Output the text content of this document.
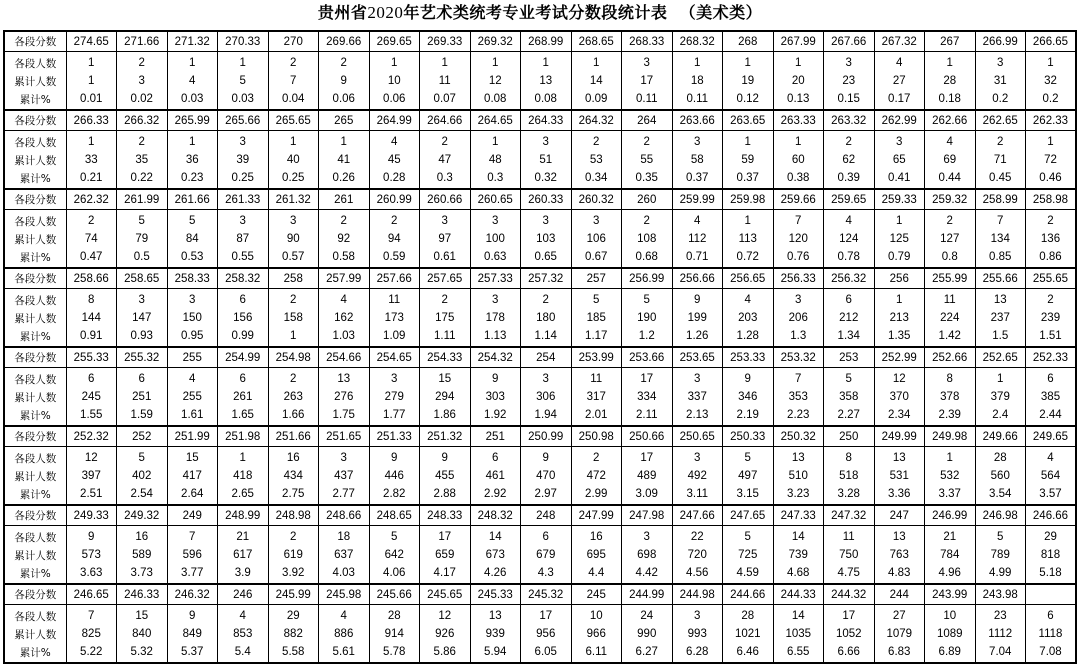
贵州省2020年艺术类统考专业考试分数段统计表 （美术类）
各段分数	274.65	271.66	271.32	270.33	270	269.66	269.65	269.33	269.32	268.99	268.65	268.33	268.32	268	267.99	267.66	267.32	267	266.99	266.65
各段人数	1	2	1	1	2	2	1	1	1	1	1	3	1	1	1	3	4	1	3	1
累计人数	1	3	4	5	7	9	10	11	12	13	14	17	18	19	20	23	27	28	31	32
累计%	0.01	0.02	0.03	0.03	0.04	0.06	0.06	0.07	0.08	0.08	0.09	0.11	0.11	0.12	0.13	0.15	0.17	0.18	0.2	0.2
各段分数	266.33	266.32	265.99	265.66	265.65	265	264.99	264.66	264.65	264.33	264.32	264	263.66	263.65	263.33	263.32	262.99	262.66	262.65	262.33
各段人数	1	2	1	3	1	1	4	2	1	3	2	2	3	1	1	2	3	4	2	1
累计人数	33	35	36	39	40	41	45	47	48	51	53	55	58	59	60	62	65	69	71	72
累计%	0.21	0.22	0.23	0.25	0.25	0.26	0.28	0.3	0.3	0.32	0.34	0.35	0.37	0.37	0.38	0.39	0.41	0.44	0.45	0.46
各段分数	262.32	261.99	261.66	261.33	261.32	261	260.99	260.66	260.65	260.33	260.32	260	259.99	259.98	259.66	259.65	259.33	259.32	258.99	258.98
各段人数	2	5	5	3	3	2	2	3	3	3	3	2	4	1	7	4	1	2	7	2
累计人数	74	79	84	87	90	92	94	97	100	103	106	108	112	113	120	124	125	127	134	136
累计%	0.47	0.5	0.53	0.55	0.57	0.58	0.59	0.61	0.63	0.65	0.67	0.68	0.71	0.72	0.76	0.78	0.79	0.8	0.85	0.86
各段分数	258.66	258.65	258.33	258.32	258	257.99	257.66	257.65	257.33	257.32	257	256.99	256.66	256.65	256.33	256.32	256	255.99	255.66	255.65
各段人数	8	3	3	6	2	4	11	2	3	2	5	5	9	4	3	6	1	11	13	2
累计人数	144	147	150	156	158	162	173	175	178	180	185	190	199	203	206	212	213	224	237	239
累计%	0.91	0.93	0.95	0.99	1	1.03	1.09	1.11	1.13	1.14	1.17	1.2	1.26	1.28	1.3	1.34	1.35	1.42	1.5	1.51
各段分数	255.33	255.32	255	254.99	254.98	254.66	254.65	254.33	254.32	254	253.99	253.66	253.65	253.33	253.32	253	252.99	252.66	252.65	252.33
各段人数	6	6	4	6	2	13	3	15	9	3	11	17	3	9	7	5	12	8	1	6
累计人数	245	251	255	261	263	276	279	294	303	306	317	334	337	346	353	358	370	378	379	385
累计%	1.55	1.59	1.61	1.65	1.66	1.75	1.77	1.86	1.92	1.94	2.01	2.11	2.13	2.19	2.23	2.27	2.34	2.39	2.4	2.44
各段分数	252.32	252	251.99	251.98	251.66	251.65	251.33	251.32	251	250.99	250.98	250.66	250.65	250.33	250.32	250	249.99	249.98	249.66	249.65
各段人数	12	5	15	1	16	3	9	9	6	9	2	17	3	5	13	8	13	1	28	4
累计人数	397	402	417	418	434	437	446	455	461	470	472	489	492	497	510	518	531	532	560	564
累计%	2.51	2.54	2.64	2.65	2.75	2.77	2.82	2.88	2.92	2.97	2.99	3.09	3.11	3.15	3.23	3.28	3.36	3.37	3.54	3.57
各段分数	249.33	249.32	249	248.99	248.98	248.66	248.65	248.33	248.32	248	247.99	247.98	247.66	247.65	247.33	247.32	247	246.99	246.98	246.66
各段人数	9	16	7	21	2	18	5	17	14	6	16	3	22	5	14	11	13	21	5	29
累计人数	573	589	596	617	619	637	642	659	673	679	695	698	720	725	739	750	763	784	789	818
累计%	3.63	3.73	3.77	3.9	3.92	4.03	4.06	4.17	4.26	4.3	4.4	4.42	4.56	4.59	4.68	4.75	4.83	4.96	4.99	5.18
各段分数	246.65	246.33	246.32	246	245.99	245.98	245.66	245.65	245.33	245.32	245	244.99	244.98	244.66	244.33	244.32	244	243.99	243.98	
各段人数	7	15	9	4	29	4	28	12	13	17	10	24	3	28	14	17	27	10	23	6
累计人数	825	840	849	853	882	886	914	926	939	956	966	990	993	1021	1035	1052	1079	1089	1112	1118
累计%	5.22	5.32	5.37	5.4	5.58	5.61	5.78	5.86	5.94	6.05	6.11	6.27	6.28	6.46	6.55	6.66	6.83	6.89	7.04	7.08
